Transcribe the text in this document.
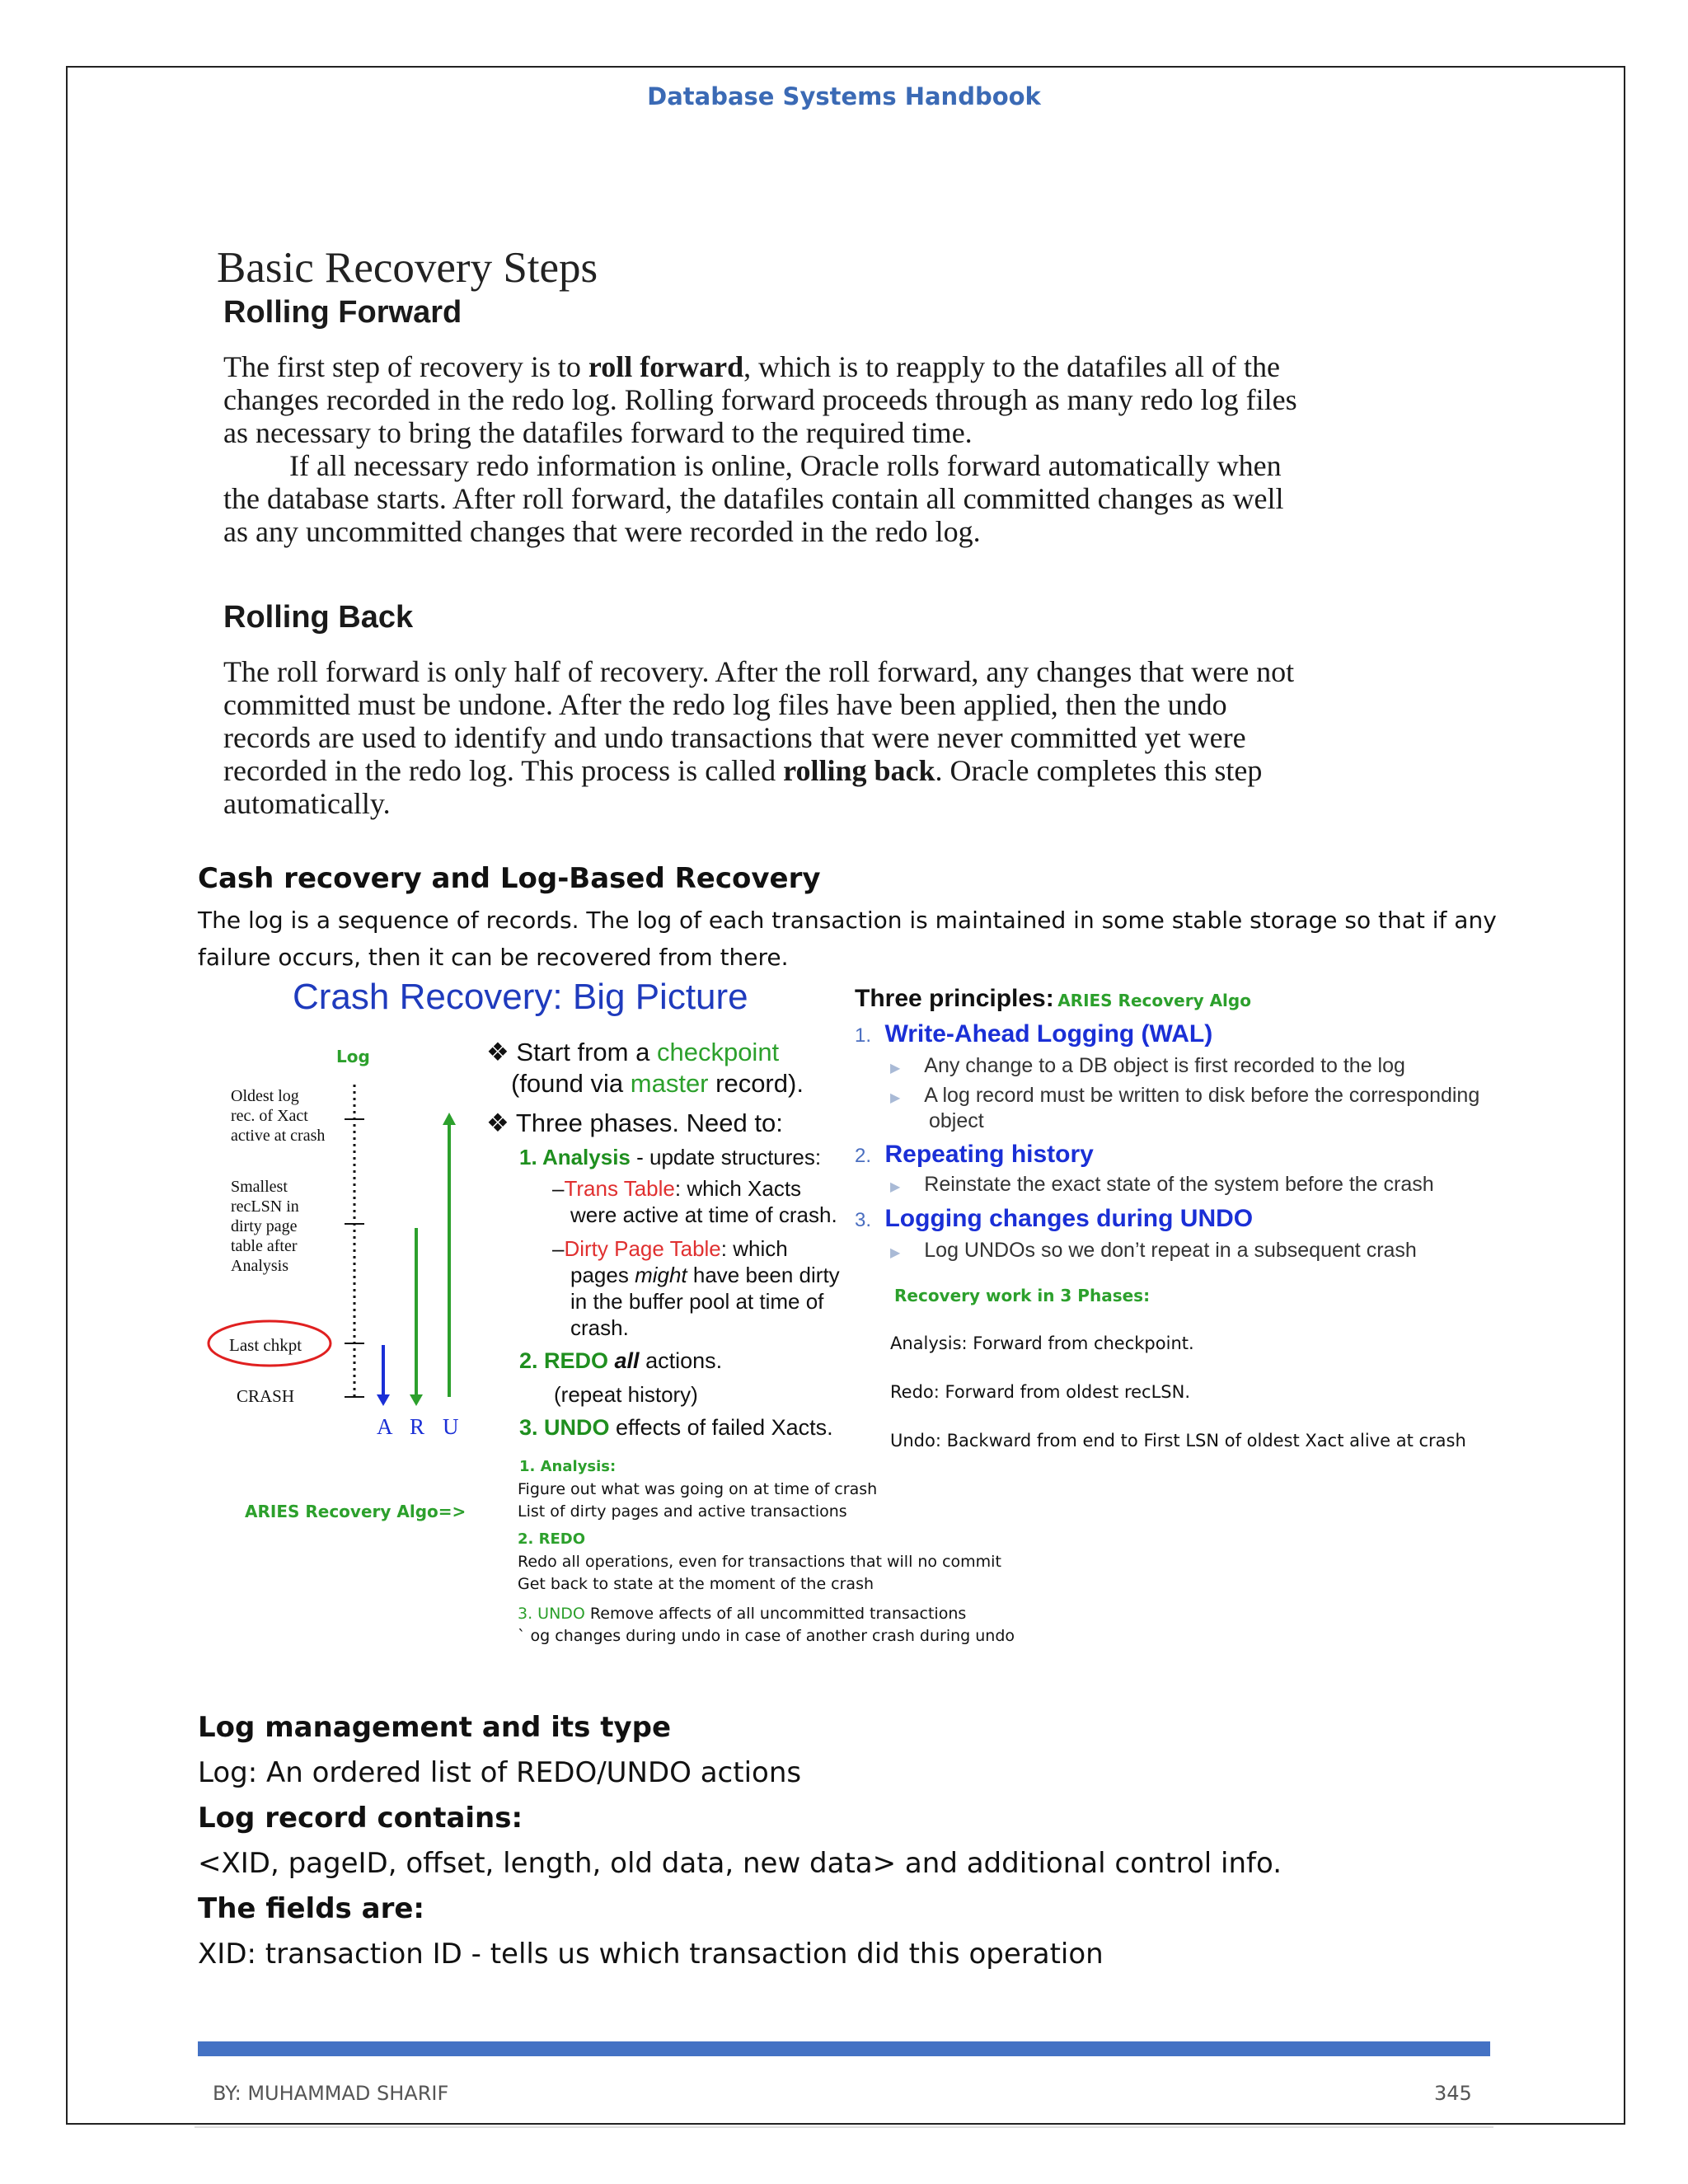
Database Systems Handbook
Basic Recovery Steps
Rolling Forward
The first step of recovery is to roll forward, which is to reapply to the datafiles all of the
changes recorded in the redo log. Rolling forward proceeds through as many redo log files
as necessary to bring the datafiles forward to the required time.
If all necessary redo information is online, Oracle rolls forward automatically when
the database starts. After roll forward, the datafiles contain all committed changes as well
as any uncommitted changes that were recorded in the redo log.
Rolling Back
The roll forward is only half of recovery. After the roll forward, any changes that were not
committed must be undone. After the redo log files have been applied, then the undo
records are used to identify and undo transactions that were never committed yet were
recorded in the redo log. This process is called rolling back. Oracle completes this step
automatically.
Cash recovery and Log-Based Recovery
The log is a sequence of records. The log of each transaction is maintained in some stable storage so that if any
failure occurs, then it can be recovered from there.
Crash Recovery: Big Picture
Log
Oldest log
rec. of Xact
active at crash
Smallest
recLSN in
dirty page
table after
Analysis
Last chkpt
CRASH
A R U
ARIES Recovery Algo=>
❖ Start from a checkpoint
(found via master record).
❖ Three phases. Need to:
1. Analysis - update structures:
–Trans Table: which Xacts
were active at time of crash.
–Dirty Page Table: which
pages might have been dirty
in the buffer pool at time of
crash.
2. REDO all actions.
(repeat history)
3. UNDO effects of failed Xacts.
1. Analysis:
Figure out what was going on at time of crash
List of dirty pages and active transactions
2. REDO
Redo all operations, even for transactions that will no commit
Get back to state at the moment of the crash
3. UNDO Remove affects of all uncommitted transactions
` og changes during undo in case of another crash during undo
Three principles: ARIES Recovery Algo
1. Write-Ahead Logging (WAL)
▶ Any change to a DB object is first recorded to the log
▶ A log record must be written to disk before the corresponding
object
2. Repeating history
▶ Reinstate the exact state of the system before the crash
3. Logging changes during UNDO
▶ Log UNDOs so we don’t repeat in a subsequent crash
Recovery work in 3 Phases:
Analysis: Forward from checkpoint.
Redo: Forward from oldest recLSN.
Undo: Backward from end to First LSN of oldest Xact alive at crash
Log management and its type
Log: An ordered list of REDO/UNDO actions
Log record contains:
<XID, pageID, offset, length, old data, new data> and additional control info.
The fields are:
XID: transaction ID - tells us which transaction did this operation
BY: MUHAMMAD SHARIF	345
